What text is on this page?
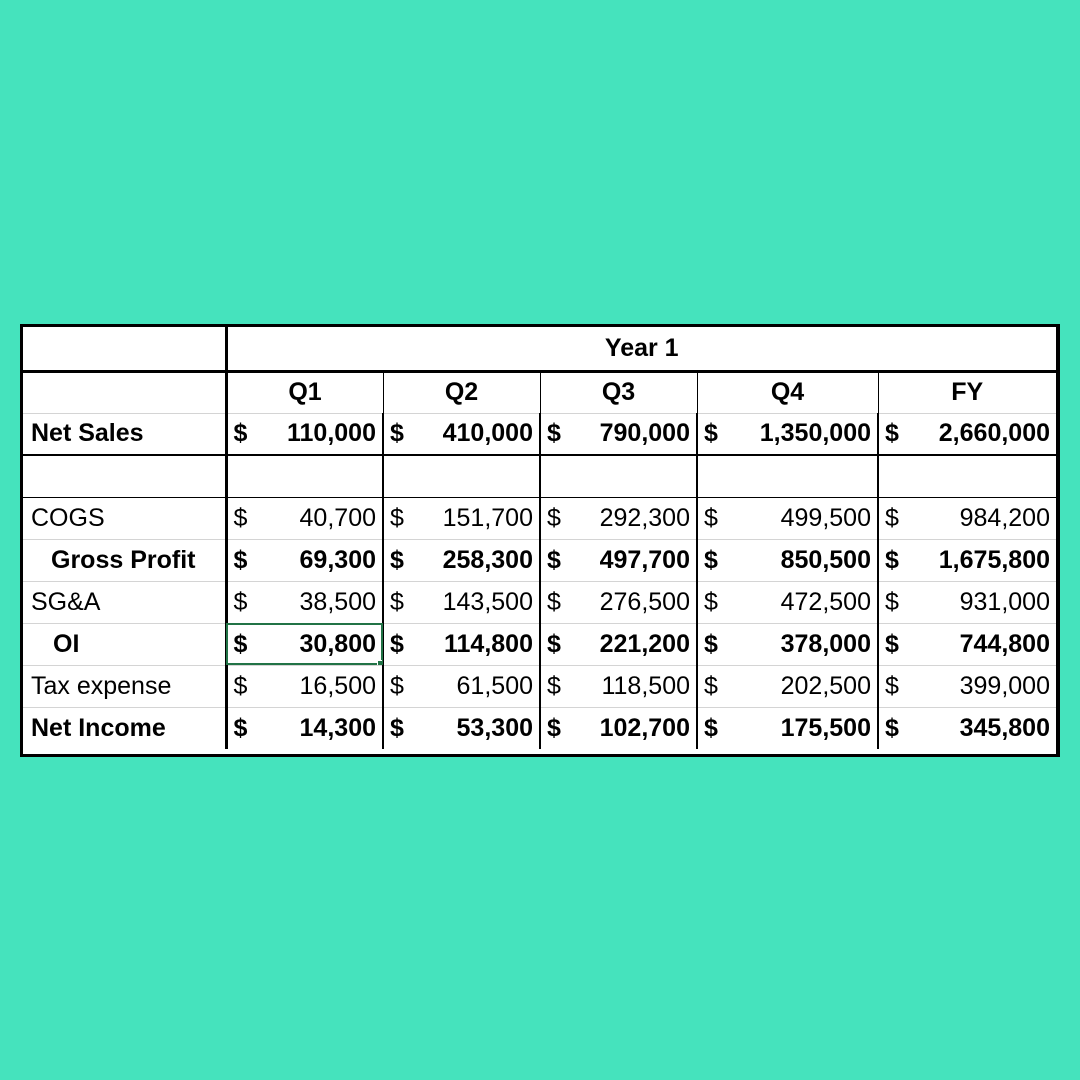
	Year 1				
	Q1	Q2	Q3	Q4	FY
Net Sales	$ 110,000	$ 410,000	$ 790,000	$ 1,350,000	$ 2,660,000

COGS	$ 40,700	$ 151,700	$ 292,300	$ 499,500	$ 984,200

Gross Profit	$ 69,300	$ 258,300	$ 497,700	$ 850,500	$ 1,675,800

SG&A	$ 38,500	$ 143,500	$ 276,500	$ 472,500	$ 931,000

OI	$ 30,800	$ 114,800	$ 221,200	$ 378,000	$ 744,800

Tax expense	$ 16,500	$ 61,500	$ 118,500	$ 202,500	$ 399,000

Net Income	$ 14,300	$ 53,300	$ 102,700	$ 175,500	$ 345,800
